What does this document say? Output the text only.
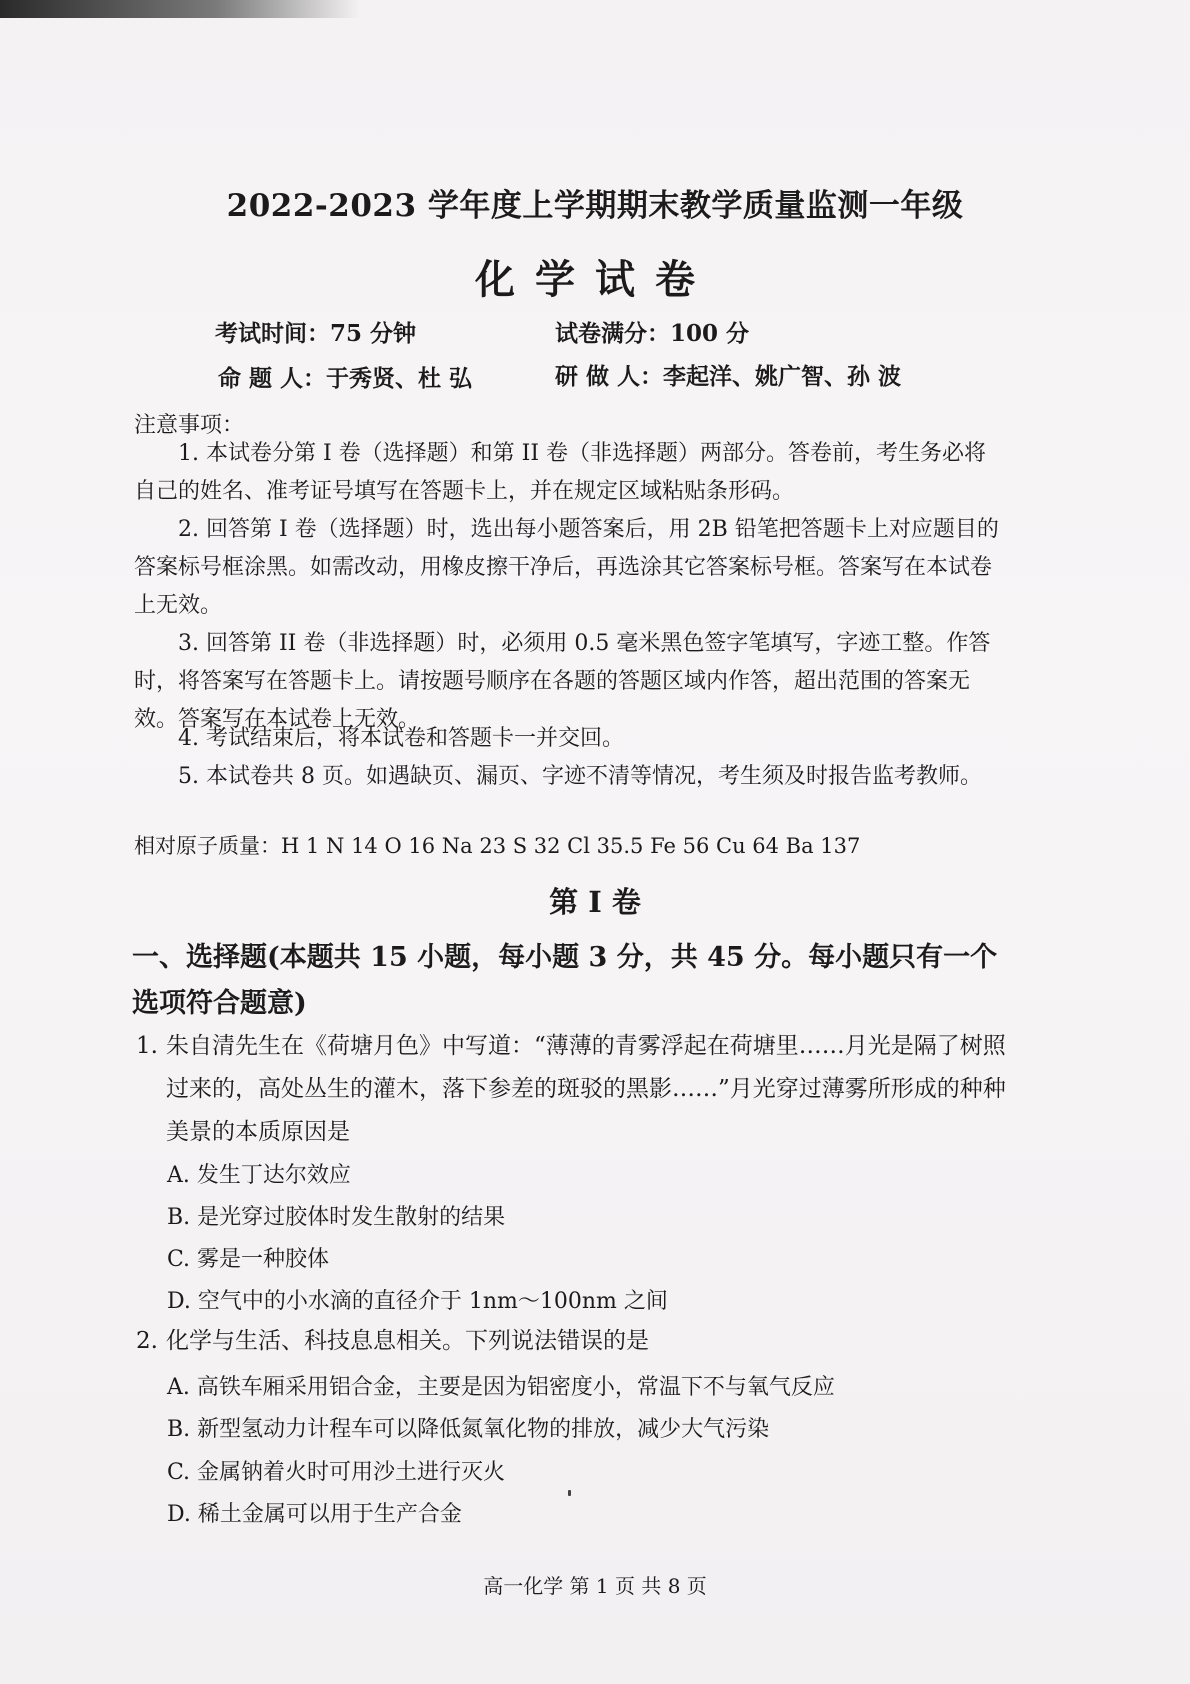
2022-2023 学年度上学期期末教学质量监测一年级
化学试卷
考试时间：75 分钟	试卷满分：100 分
命 题 人：于秀贤、杜 弘	研 做 人：李起洋、姚广智、孙 波
注意事项：
1. 本试卷分第 I 卷（选择题）和第 II 卷（非选择题）两部分。答卷前，考生务必将自己的姓名、准考证号填写在答题卡上，并在规定区域粘贴条形码。
2. 回答第 I 卷（选择题）时，选出每小题答案后，用 2B 铅笔把答题卡上对应题目的答案标号框涂黑。如需改动，用橡皮擦干净后，再选涂其它答案标号框。答案写在本试卷上无效。
3. 回答第 II 卷（非选择题）时，必须用 0.5 毫米黑色签字笔填写，字迹工整。作答时，将答案写在答题卡上。请按题号顺序在各题的答题区域内作答，超出范围的答案无效。答案写在本试卷上无效。
4. 考试结束后，将本试卷和答题卡一并交回。
5. 本试卷共 8 页。如遇缺页、漏页、字迹不清等情况，考生须及时报告监考教师。
相对原子质量：H 1 N 14 O 16 Na 23 S 32 Cl 35.5 Fe 56 Cu 64 Ba 137
第 I 卷
一、选择题(本题共 15 小题，每小题 3 分，共 45 分。每小题只有一个选项符合题意)
1. 朱自清先生在《荷塘月色》中写道：“薄薄的青雾浮起在荷塘里……月光是隔了树照过来的，高处丛生的灌木，落下参差的斑驳的黑影……”月光穿过薄雾所形成的种种美景的本质原因是
A. 发生丁达尔效应
B. 是光穿过胶体时发生散射的结果
C. 雾是一种胶体
D. 空气中的小水滴的直径介于 1nm～100nm 之间
2. 化学与生活、科技息息相关。下列说法错误的是
A. 高铁车厢采用铝合金，主要是因为铝密度小，常温下不与氧气反应
B. 新型氢动力计程车可以降低氮氧化物的排放，减少大气污染
C. 金属钠着火时可用沙土进行灭火
D. 稀土金属可以用于生产合金
高一化学 第 1 页 共 8 页
